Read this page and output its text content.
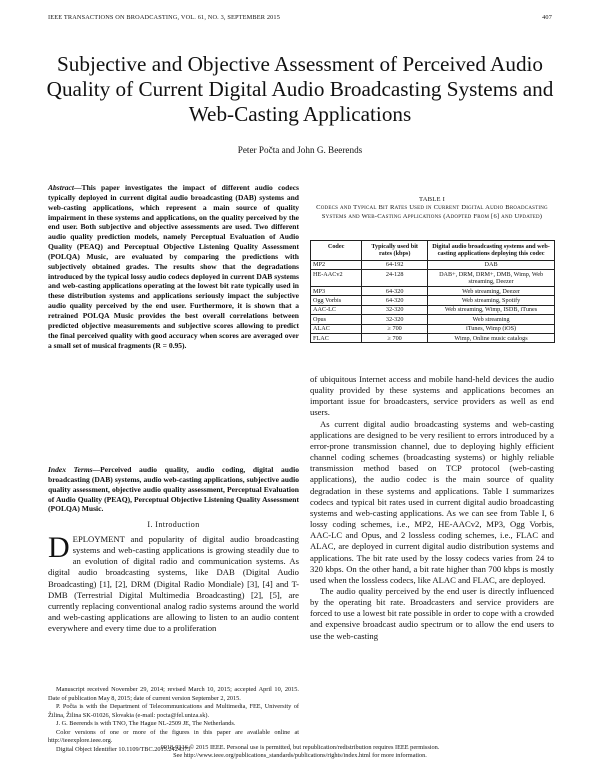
IEEE TRANSACTIONS ON BROADCASTING, VOL. 61, NO. 3, SEPTEMBER 2015	407
Subjective and Objective Assessment of Perceived Audio Quality of Current Digital Audio Broadcasting Systems and Web-Casting Applications
Peter Počta and John G. Beerends
Abstract—This paper investigates the impact of different audio codecs typically deployed in current digital audio broadcasting (DAB) systems and web-casting applications, which represent a main source of quality impairment in these systems and applications, on the quality perceived by the end user. Both subjective and objective assessments are used. Two different audio quality prediction models, namely Perceptual Evaluation of Audio Quality (PEAQ) and Perceptual Objective Listening Quality Assessment (POLQA) Music, are evaluated by comparing the predictions with subjectively obtained grades. The results show that the degradations introduced by the typical lossy audio codecs deployed in current DAB systems and web-casting applications operating at the lowest bit rate typically used in these distribution systems and applications seriously impact the subjective audio quality perceived by the end user. Furthermore, it is shown that a retrained POLQA Music provides the best overall correlations between predicted objective measurements and subjective scores allowing to predict the final perceived quality with good accuracy when scores are averaged over a small set of musical fragments (R = 0.95).
Index Terms—Perceived audio quality, audio coding, digital audio broadcasting (DAB) systems, audio web-casting applications, subjective audio quality assessment, objective audio quality assessment, Perceptual Evaluation of Audio Quality (PEAQ), Perceptual Objective Listening Quality Assessment (POLQA) Music.
I. Introduction
DEPLOYMENT and popularity of digital audio broadcasting systems and web-casting applications is growing steadily due to an evolution of digital radio and communication systems. As digital audio broadcasting systems, like DAB (Digital Audio Broadcasting) [1], [2], DRM (Digital Radio Mondiale) [3], [4] and T-DMB (Terrestrial Digital Multimedia Broadcasting) [2], [5], are currently replacing conventional analog radio systems around the world and web-casting applications are allowing to listen to an audio content everywhere and every time due to a proliferation

Manuscript received November 29, 2014; revised March 10, 2015; accepted April 10, 2015. Date of publication May 8, 2015; date of current version September 2, 2015.

P. Počta is with the Department of Telecommunications and Multimedia, FEE, University of Žilina, Žilina SK-01026, Slovakia (e-mail: pocta@fel.uniza.sk).

J. G. Beerends is with TNO, The Hague NL-2509 JE, The Netherlands.

Color versions of one or more of the figures in this paper are available online at http://ieeexplore.ieee.org.

Digital Object Identifier 10.1109/TBC.2015.2424373

TABLE I
Codecs and Typical Bit Rates Used in Current Digital Audio Broadcasting Systems and Web-Casting Applications (Adopted From [6] and Updated)
Codec	Typically used bit rates (kbps)	Digital audio broadcasting systems and web-casting applications deploying this codec
MP2	64-192	DAB
HE-AACv2	24-128	DAB+, DRM, DRM+, DMB, Wimp, Web streaming, Deezer
MP3	64-320	Web streaming, Deezer
Ogg Vorbis	64-320	Web streaming, Spotify
AAC-LC	32-320	Web streaming, Wimp, ISDB, iTunes
Opus	32-320	Web streaming
ALAC	≥ 700	iTunes, Wimp (iOS)
FLAC	≥ 700	Wimp, Online music catalogs

of ubiquitous Internet access and mobile hand-held devices the audio quality provided by these systems and applications becomes an important issue for broadcasters, service providers as well as end users.

As current digital audio broadcasting systems and web-casting applications are designed to be very resilient to errors introduced by a error-prone transmission channel, due to deploying highly efficient channel coding schemes (broadcasting systems) or highly reliable transmission method based on TCP protocol (web-casting applications), the audio codec is the main source of quality degradation in these systems and applications. Table I summarizes codecs and typical bit rates used in current digital audio broadcasting systems and web-casting applications. As we can see from Table I, 6 lossy coding schemes, i.e., MP2, HE-AACv2, MP3, Ogg Vorbis, AAC-LC and Opus, and 2 lossless coding schemes, i.e., FLAC and ALAC, are deployed in current digital audio distribution systems and applications. The bit rate used by the lossy codecs varies from 24 to 320 kbps. On the other hand, a bit rate higher than 700 kbps is mostly used when the lossless codecs, like ALAC and FLAC, are deployed.

The audio quality perceived by the end user is directly influenced by the operating bit rate. Broadcasters and service providers are forced to use a lowest bit rate possible in order to cope with a crowded and expensive broadcast audio spectrum or to allow the end users to use the web-casting

0018-9316 © 2015 IEEE. Personal use is permitted, but republication/redistribution requires IEEE permission.
See http://www.ieee.org/publications_standards/publications/rights/index.html for more information.
